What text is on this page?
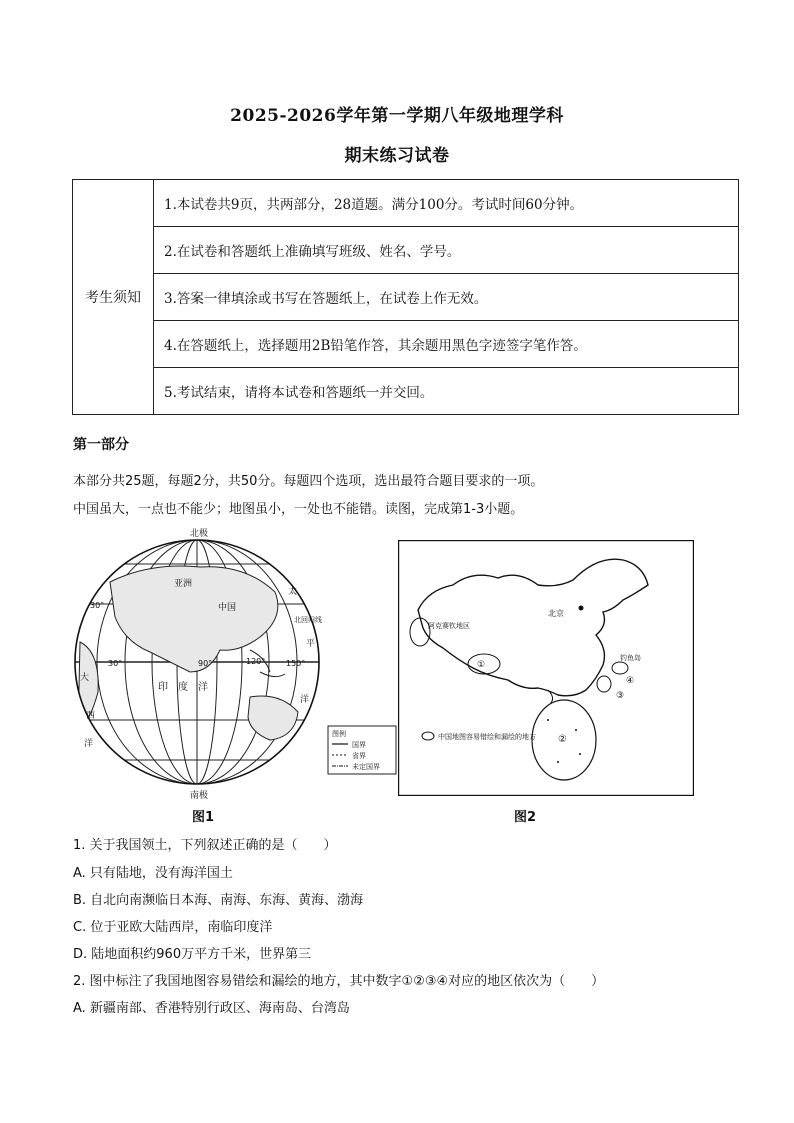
2025-2026学年第一学期八年级地理学科
期末练习试卷
考生须知	1.本试卷共9页，共两部分，28道题。满分100分。考试时间60分钟。
2.在试卷和答题纸上准确填写班级、姓名、学号。
3.答案一律填涂或书写在答题纸上，在试卷上作无效。
4.在答题纸上，选择题用2B铅笔作答，其余题用黑色字迹签字笔作答。
5.考试结束，请将本试卷和答题纸一并交回。
第一部分
本部分共25题，每题2分，共50分。每题四个选项，选出最符合题目要求的一项。
中国虽大，一点也不能少；地图虽小，一处也不能错。读图，完成第1-3小题。
北极
南极
亚洲
中国
印度洋
太
平
洋
大
西
洋
30°
30°	90°	120°	150°
北回归线
图例
国界
省界
未定国界
图1
北京
阿克赛钦地区
①
②
③
④
钓鱼岛
中国地图容易错绘和漏绘的地方
图2
1. 关于我国领土，下列叙述正确的是（　　）
A. 只有陆地，没有海洋国土
B. 自北向南濒临日本海、南海、东海、黄海、渤海
C. 位于亚欧大陆西岸，南临印度洋
D. 陆地面积约960万平方千米，世界第三
2. 图中标注了我国地图容易错绘和漏绘的地方，其中数字①②③④对应的地区依次为（　　）
A. 新疆南部、香港特别行政区、海南岛、台湾岛
